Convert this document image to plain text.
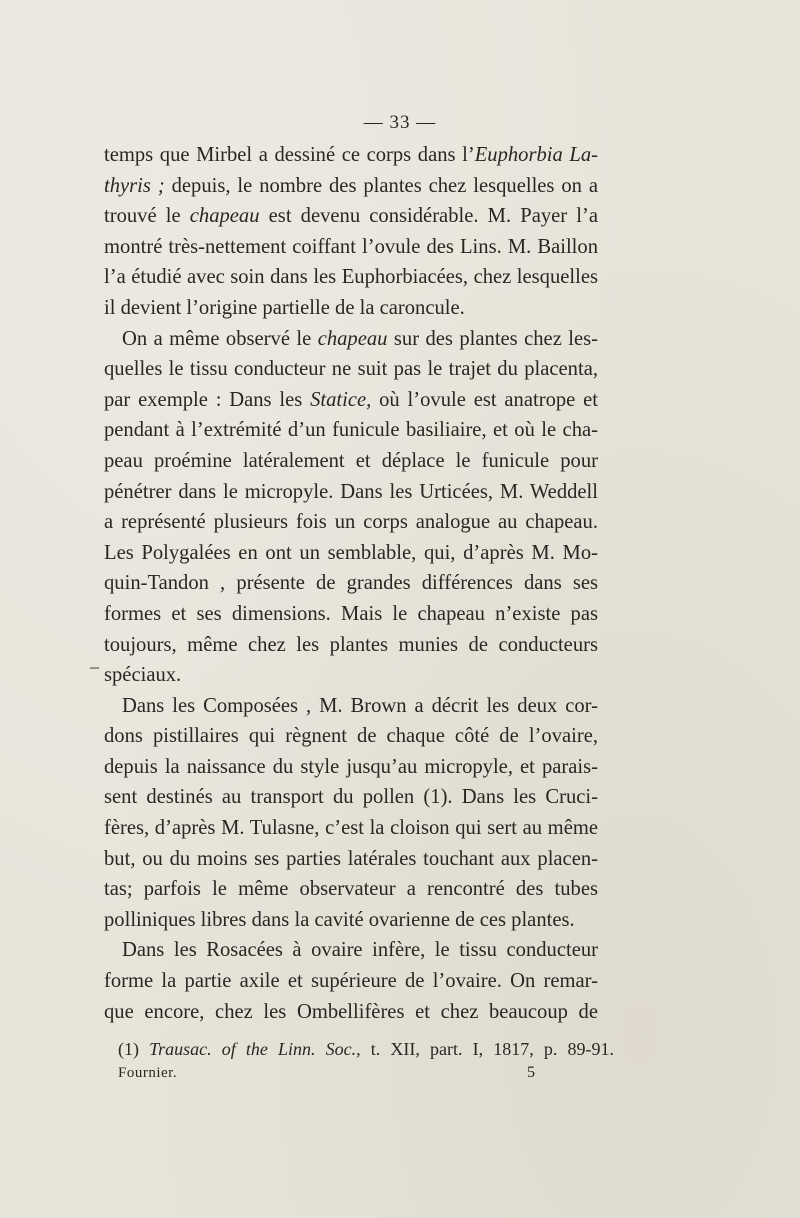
— 33 —
temps que Mirbel a dessiné ce corps dans l’Euphorbia La-
thyris ; depuis, le nombre des plantes chez lesquelles on a
trouvé le chapeau est devenu considérable. M. Payer l’a
montré très-nettement coiffant l’ovule des Lins. M. Baillon
l’a étudié avec soin dans les Euphorbiacées, chez lesquelles
il devient l’origine partielle de la caroncule.
On a même observé le chapeau sur des plantes chez les-
quelles le tissu conducteur ne suit pas le trajet du placenta,
par exemple : Dans les Statice, où l’ovule est anatrope et
pendant à l’extrémité d’un funicule basiliaire, et où le cha-
peau proémine latéralement et déplace le funicule pour
pénétrer dans le micropyle. Dans les Urticées, M. Weddell
a représenté plusieurs fois un corps analogue au chapeau.
Les Polygalées en ont un semblable, qui, d’après M. Mo-
quin-Tandon , présente de grandes différences dans ses
formes et ses dimensions. Mais le chapeau n’existe pas
toujours, même chez les plantes munies de conducteurs
spéciaux.
Dans les Composées , M. Brown a décrit les deux cor-
dons pistillaires qui règnent de chaque côté de l’ovaire,
depuis la naissance du style jusqu’au micropyle, et parais-
sent destinés au transport du pollen (1). Dans les Cruci-
fères, d’après M. Tulasne, c’est la cloison qui sert au même
but, ou du moins ses parties latérales touchant aux placen-
tas; parfois le même observateur a rencontré des tubes
polliniques libres dans la cavité ovarienne de ces plantes.
Dans les Rosacées à ovaire infère, le tissu conducteur
forme la partie axile et supérieure de l’ovaire. On remar-
que encore, chez les Ombellifères et chez beaucoup de
_
(1) Trausac. of the Linn. Soc., t. XII, part. I, 1817, p. 89-91.
Fournier.	5
